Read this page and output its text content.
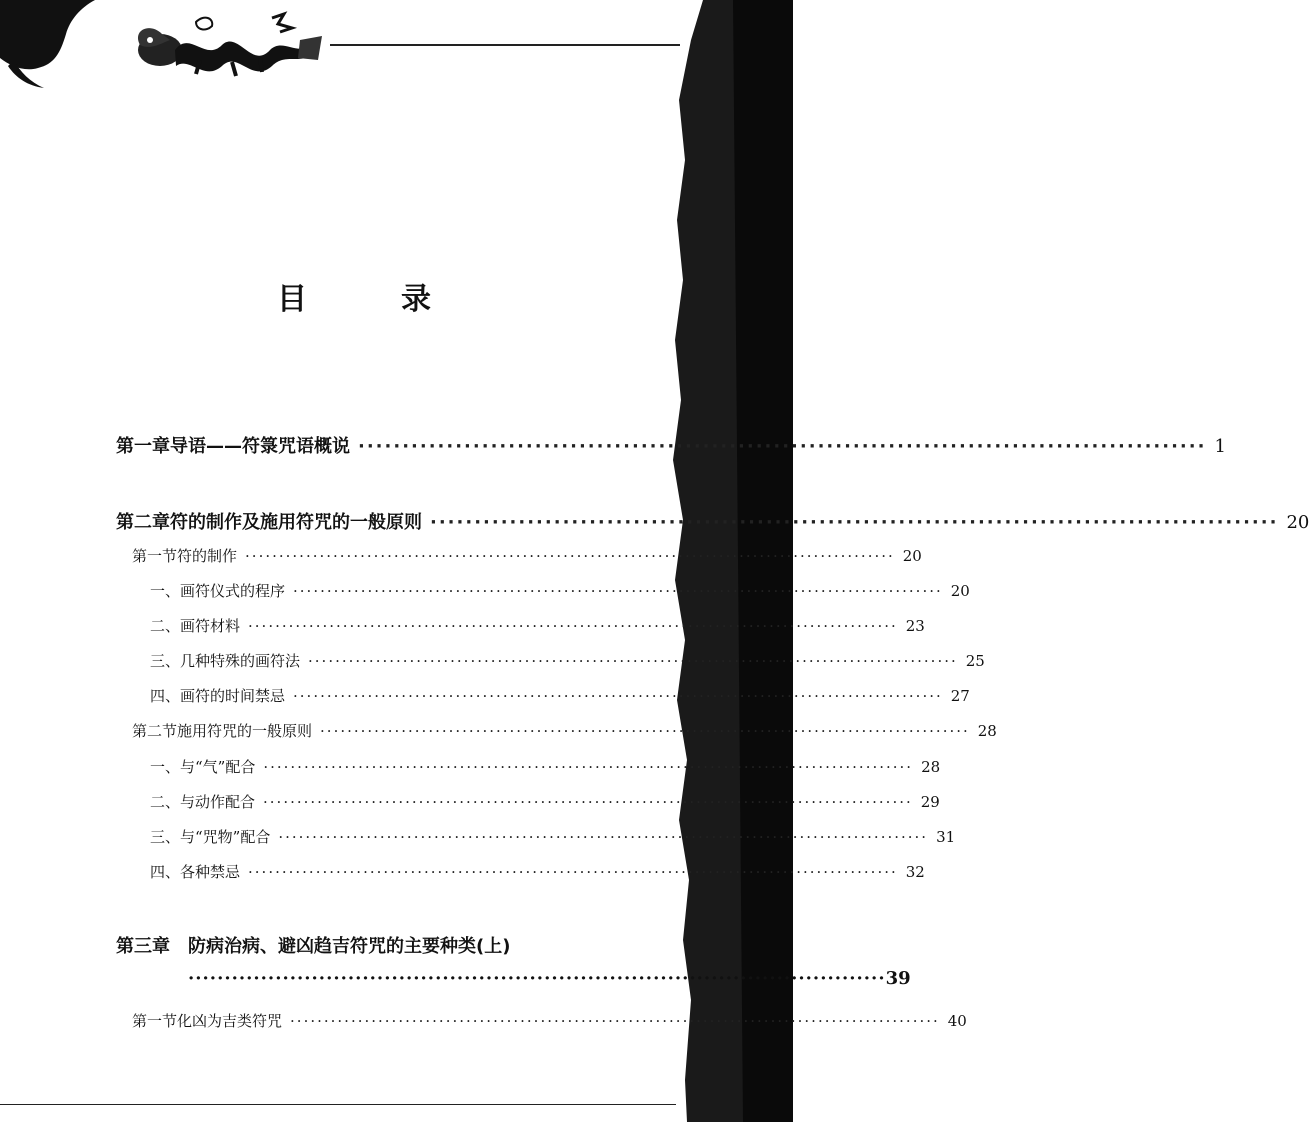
目　录
第一章 导语——符箓咒语概说 ································································································ 1
第二章 符的制作及施用符咒的一般原则 ································································································ 20
第一节 符的制作 ································································································ 20
一、画符仪式的程序 ································································································ 20
二、画符材料 ································································································ 23
三、几种特殊的画符法 ································································································ 25
四、画符的时间禁忌 ································································································ 27
第二节 施用符咒的一般原则 ································································································ 28
一、与“气”配合 ································································································ 28
二、与动作配合 ································································································ 29
三、与“咒物”配合 ································································································ 31
四、各种禁忌 ································································································ 32
第三章 防病治病、避凶趋吉符咒的主要种类(上)
································································································ 39
第一节 化凶为吉类符咒 ································································································ 40
